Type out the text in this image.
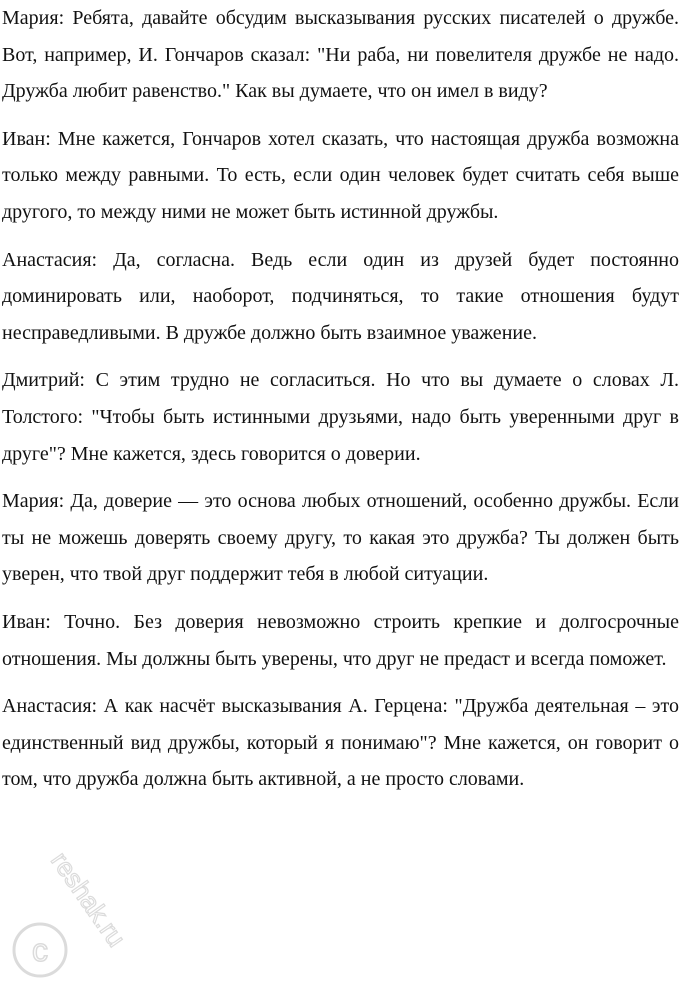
Мария: Ребята, давайте обсудим высказывания русских писателей о дружбе. Вот, например, И. Гончаров сказал: "Ни раба, ни повелителя дружбе не надо. Дружба любит равенство." Как вы думаете, что он имел в виду?

Иван: Мне кажется, Гончаров хотел сказать, что настоящая дружба возможна только между равными. То есть, если один человек будет считать себя выше другого, то между ними не может быть истинной дружбы.

Анастасия: Да, согласна. Ведь если один из друзей будет постоянно доминировать или, наоборот, подчиняться, то такие отношения будут несправедливыми. В дружбе должно быть взаимное уважение.

Дмитрий: С этим трудно не согласиться. Но что вы думаете о словах Л. Толстого: "Чтобы быть истинными друзьями, надо быть уверенными друг в друге"? Мне кажется, здесь говорится о доверии.

Мария: Да, доверие — это основа любых отношений, особенно дружбы. Если ты не можешь доверять своему другу, то какая это дружба? Ты должен быть уверен, что твой друг поддержит тебя в любой ситуации.

Иван: Точно. Без доверия невозможно строить крепкие и долгосрочные отношения. Мы должны быть уверены, что друг не предаст и всегда поможет.

Анастасия: А как насчёт высказывания А. Герцена: "Дружба деятельная – это единственный вид дружбы, который я понимаю"? Мне кажется, он говорит о том, что дружба должна быть активной, а не просто словами.

c
reshak.ru
